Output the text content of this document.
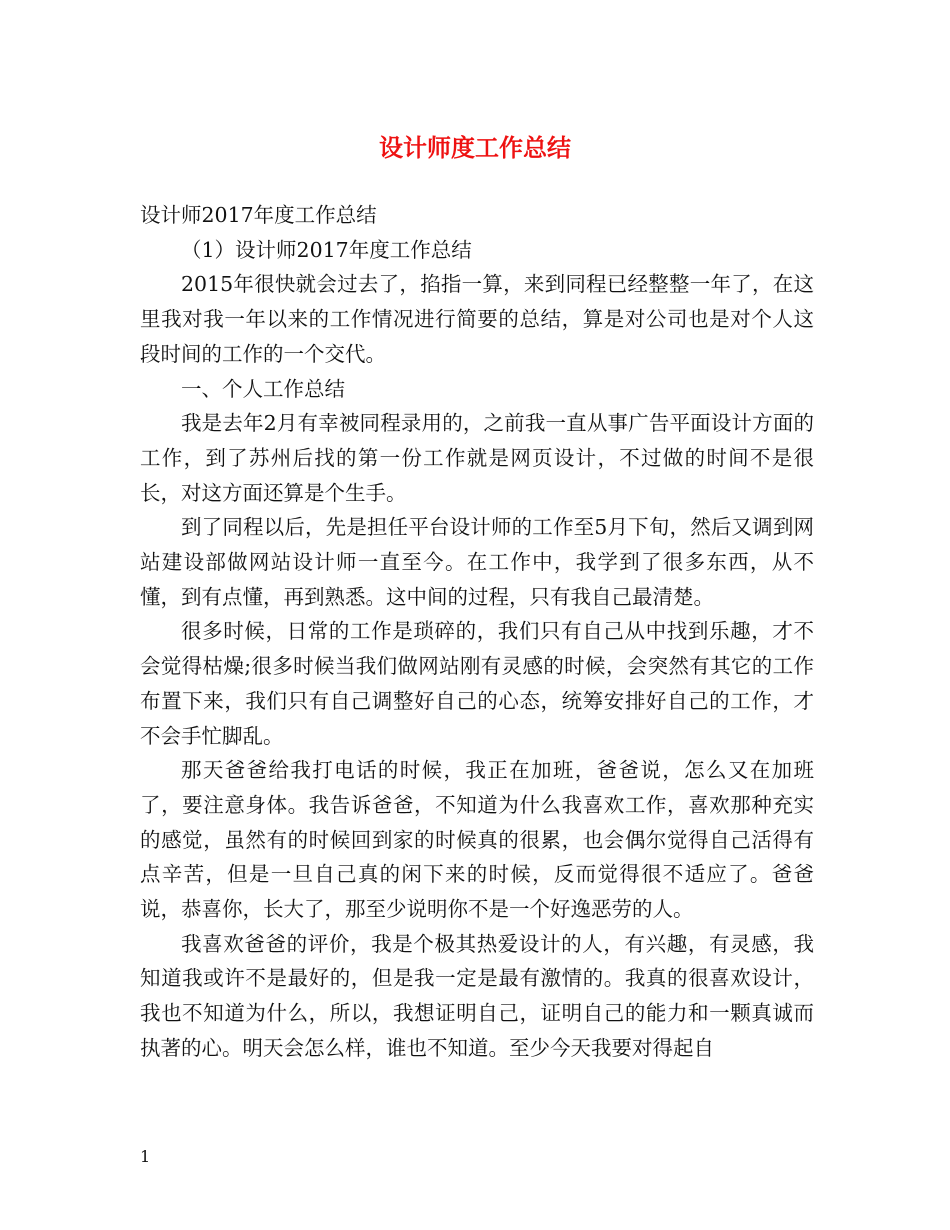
设计师度工作总结

设计师2017年度工作总结

（1）设计师2017年度工作总结

2015年很快就会过去了，掐指一算，来到同程已经整整一年了，在这里我对我一年以来的工作情况进行简要的总结，算是对公司也是对个人这段时间的工作的一个交代。

一、个人工作总结

我是去年2月有幸被同程录用的，之前我一直从事广告平面设计方面的工作，到了苏州后找的第一份工作就是网页设计，不过做的时间不是很长，对这方面还算是个生手。

到了同程以后，先是担任平台设计师的工作至5月下旬，然后又调到网站建设部做网站设计师一直至今。在工作中，我学到了很多东西，从不懂，到有点懂，再到熟悉。这中间的过程，只有我自己最清楚。

很多时候，日常的工作是琐碎的，我们只有自己从中找到乐趣，才不会觉得枯燥;很多时候当我们做网站刚有灵感的时候，会突然有其它的工作布置下来，我们只有自己调整好自己的心态，统筹安排好自己的工作，才不会手忙脚乱。

那天爸爸给我打电话的时候，我正在加班，爸爸说，怎么又在加班了，要注意身体。我告诉爸爸，不知道为什么我喜欢工作，喜欢那种充实的感觉，虽然有的时候回到家的时候真的很累，也会偶尔觉得自己活得有点辛苦，但是一旦自己真的闲下来的时候，反而觉得很不适应了。爸爸说，恭喜你，长大了，那至少说明你不是一个好逸恶劳的人。

我喜欢爸爸的评价，我是个极其热爱设计的人，有兴趣，有灵感，我知道我或许不是最好的，但是我一定是最有激情的。我真的很喜欢设计，我也不知道为什么，所以，我想证明自己，证明自己的能力和一颗真诚而执著的心。明天会怎么样，谁也不知道。至少今天我要对得起自

1
